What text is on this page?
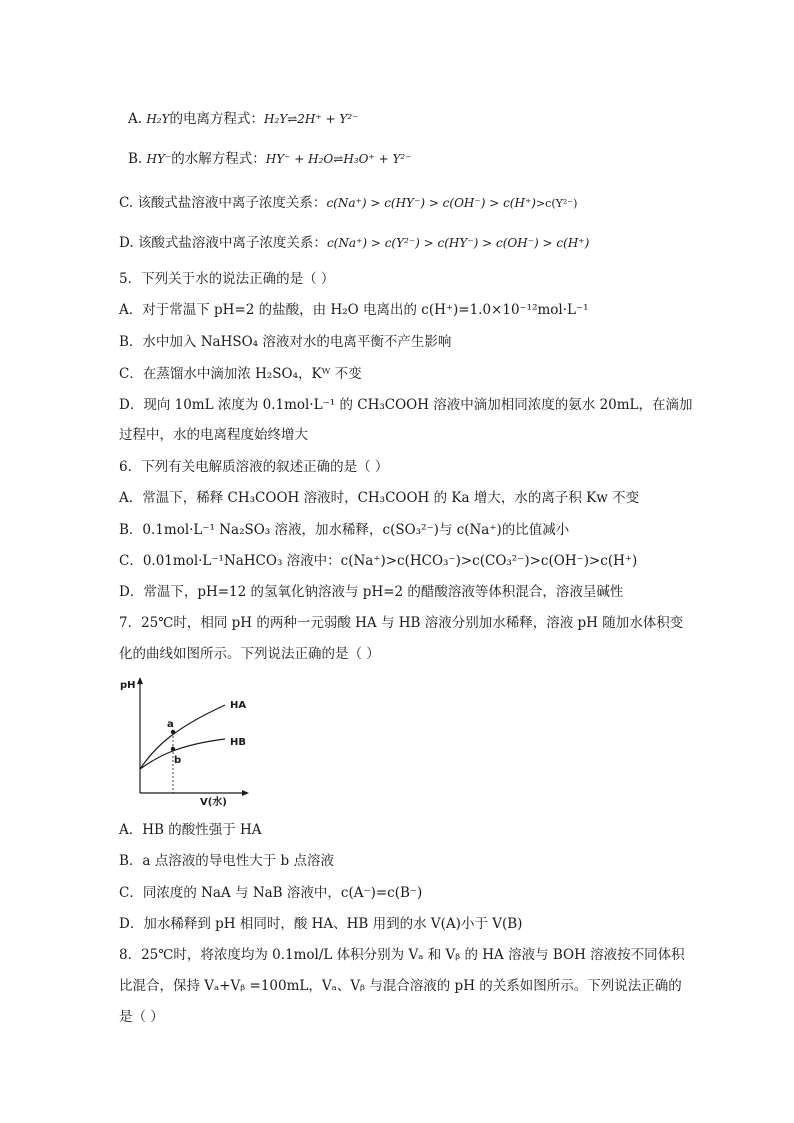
A. H₂Y的电离方程式：H₂Y⇌2H⁺ + Y²⁻
B. HY⁻的水解方程式：HY⁻ + H₂O⇌H₃O⁺ + Y²⁻
C. 该酸式盐溶液中离子浓度关系：c(Na⁺) > c(HY⁻) > c(OH⁻) > c(H⁺)>c(Y²⁻)
D. 该酸式盐溶液中离子浓度关系：c(Na⁺) > c(Y²⁻) > c(HY⁻) > c(OH⁻) > c(H⁺)
5．下列关于水的说法正确的是（ ）
A．对于常温下 pH=2 的盐酸，由 H₂O 电离出的 c(H⁺)=1.0×10⁻¹²mol·L⁻¹
B．水中加入 NaHSO₄ 溶液对水的电离平衡不产生影响
C．在蒸馏水中滴加浓 H₂SO₄，Kᵂ 不变
D．现向 10mL 浓度为 0.1mol·L⁻¹ 的 CH₃COOH 溶液中滴加相同浓度的氨水 20mL，在滴加
过程中，水的电离程度始终增大
6．下列有关电解质溶液的叙述正确的是（ ）
A．常温下，稀释 CH₃COOH 溶液时，CH₃COOH 的 Ka 增大，水的离子积 Kw 不变
B．0.1mol·L⁻¹ Na₂SO₃ 溶液，加水稀释，c(SO₃²⁻)与 c(Na⁺)的比值减小
C．0.01mol·L⁻¹NaHCO₃ 溶液中：c(Na⁺)>c(HCO₃⁻)>c(CO₃²⁻)>c(OH⁻)>c(H⁺)
D．常温下，pH=12 的氢氧化钠溶液与 pH=2 的醋酸溶液等体积混合，溶液呈碱性
7．25℃时，相同 pH 的两种一元弱酸 HA 与 HB 溶液分别加水稀释，溶液 pH 随加水体积变
化的曲线如图所示。下列说法正确的是（ ）
pH
V(水)
HA
HB
a
b
A．HB 的酸性强于 HA
B．a 点溶液的导电性大于 b 点溶液
C．同浓度的 NaA 与 NaB 溶液中，c(A⁻)=c(B⁻)
D．加水稀释到 pH 相同时，酸 HA、HB 用到的水 V(A)小于 V(B)
8．25℃时，将浓度均为 0.1mol/L 体积分别为 Vₐ 和 Vᵦ 的 HA 溶液与 BOH 溶液按不同体积
比混合，保持 Vₐ+Vᵦ =100mL，Vₐ、Vᵦ 与混合溶液的 pH 的关系如图所示。下列说法正确的
是（ ）
